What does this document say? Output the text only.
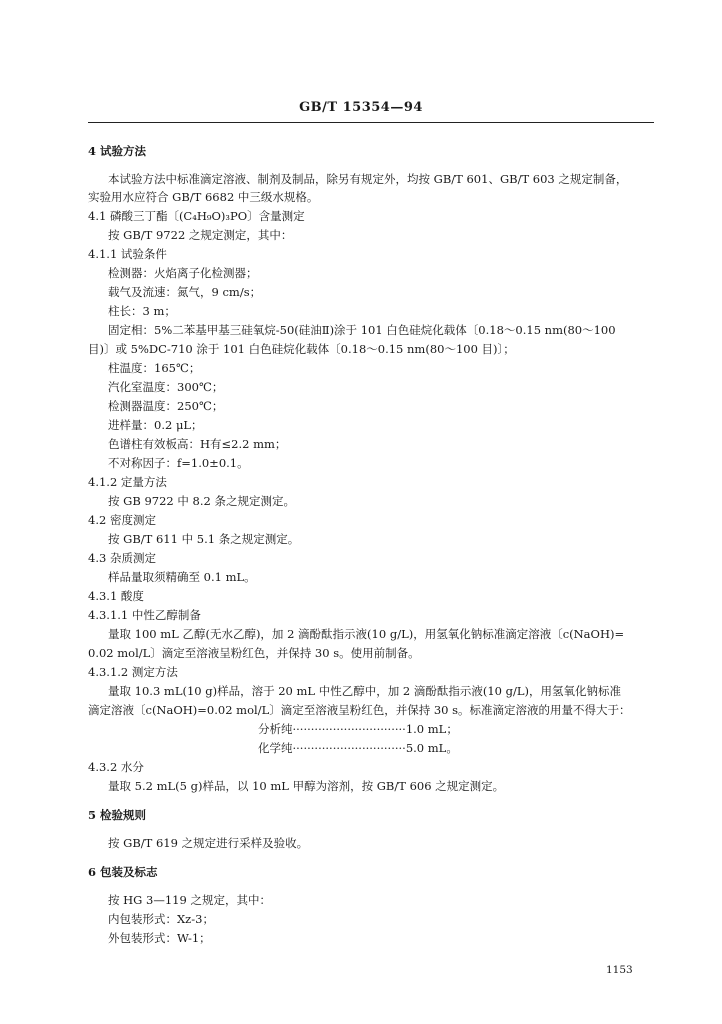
GB/T 15354—94
4 试验方法
本试验方法中标准滴定溶液、制剂及制品，除另有规定外，均按 GB/T 601、GB/T 603 之规定制备，
实验用水应符合 GB/T 6682 中三级水规格。
4.1 磷酸三丁酯〔(C₄H₉O)₃PO〕含量测定
按 GB/T 9722 之规定测定，其中：
4.1.1 试验条件
检测器：火焰离子化检测器；
载气及流速：氮气，9 cm/s；
柱长：3 m；
固定相：5%二苯基甲基三硅氧烷-50(硅油Ⅱ)涂于 101 白色硅烷化载体〔0.18～0.15 nm(80～100
目)〕或 5%DC-710 涂于 101 白色硅烷化载体〔0.18～0.15 nm(80～100 目)〕；
柱温度：165℃；
汽化室温度：300℃；
检测器温度：250℃；
进样量：0.2 μL；
色谱柱有效板高：H有≤2.2 mm；
不对称因子：f=1.0±0.1。
4.1.2 定量方法
按 GB 9722 中 8.2 条之规定测定。
4.2 密度测定
按 GB/T 611 中 5.1 条之规定测定。
4.3 杂质测定
样品量取须精确至 0.1 mL。
4.3.1 酸度
4.3.1.1 中性乙醇制备
量取 100 mL 乙醇(无水乙醇)，加 2 滴酚酞指示液(10 g/L)，用氢氧化钠标准滴定溶液〔c(NaOH)=
0.02 mol/L〕滴定至溶液呈粉红色，并保持 30 s。使用前制备。
4.3.1.2 测定方法
量取 10.3 mL(10 g)样品，溶于 20 mL 中性乙醇中，加 2 滴酚酞指示液(10 g/L)，用氢氧化钠标准
滴定溶液〔c(NaOH)=0.02 mol/L〕滴定至溶液呈粉红色，并保持 30 s。标准滴定溶液的用量不得大于：
分析纯·······························1.0 mL；
化学纯·······························5.0 mL。
4.3.2 水分
量取 5.2 mL(5 g)样品，以 10 mL 甲醇为溶剂，按 GB/T 606 之规定测定。
5 检验规则
按 GB/T 619 之规定进行采样及验收。
6 包装及标志
按 HG 3—119 之规定，其中：
内包装形式：Xz-3；
外包装形式：W-1；
1153
